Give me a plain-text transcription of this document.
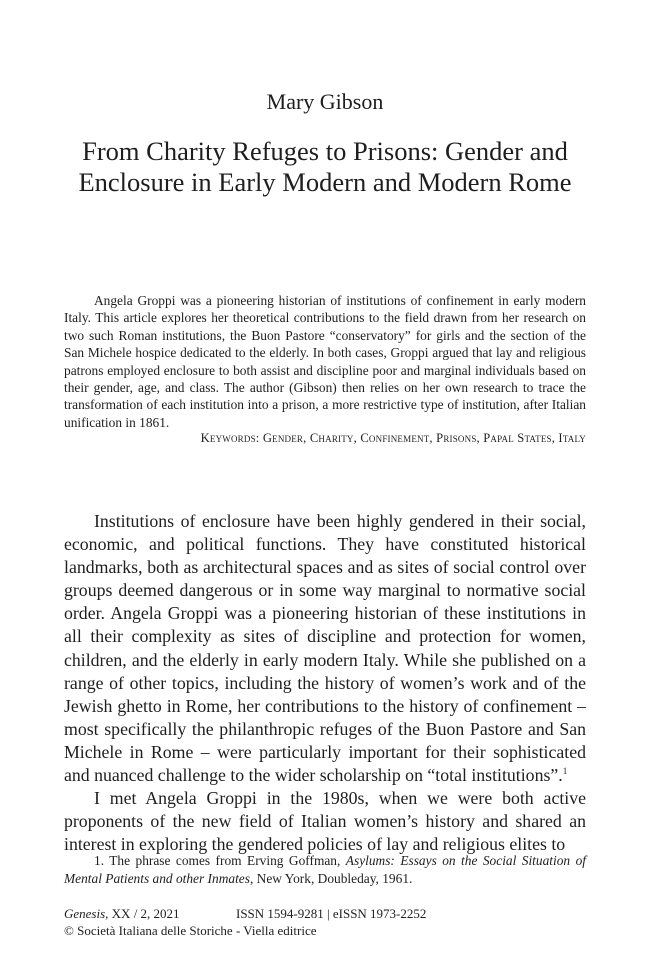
Mary Gibson
From Charity Refuges to Prisons: Gender and Enclosure in Early Modern and Modern Rome

Angela Groppi was a pioneering historian of institutions of confinement in early modern Italy. This article explores her theoretical contributions to the field drawn from her research on two such Roman institutions, the Buon Pastore “conservatory” for girls and the section of the San Michele hospice dedicated to the elderly. In both cases, Groppi argued that lay and religious patrons employed enclosure to both assist and discipline poor and marginal individuals based on their gender, age, and class. The author (Gibson) then relies on her own research to trace the transformation of each institution into a prison, a more restrictive type of institution, after Italian unification in 1861.

Keywords: Gender, Charity, Confinement, Prisons, Papal States, Italy

Institutions of enclosure have been highly gendered in their social, economic, and political functions. They have constituted historical landmarks, both as architectural spaces and as sites of social control over groups deemed dangerous or in some way marginal to normative social order. Angela Groppi was a pioneering historian of these institutions in all their complexity as sites of discipline and protection for women, children, and the elderly in early modern Italy. While she published on a range of other topics, including the history of women’s work and of the Jewish ghetto in Rome, her contributions to the history of confinement – most specifically the philanthropic refuges of the Buon Pastore and San Michele in Rome – were particularly important for their sophisticated and nuanced challenge to the wider scholarship on “total institutions”.$^1$

I met Angela Groppi in the 1980s, when we were both active proponents of the new field of Italian women’s history and shared an interest in exploring the gendered policies of lay and religious elites to

1. The phrase comes from Erving Goffman, Asylums: Essays on the Social Situation of Mental Patients and other Inmates, New York, Doubleday, 1961.

Genesis, XX / 2, 2021	ISSN 1594-9281 | eISSN 1973-2252
© Società Italiana delle Storiche - Viella editrice
